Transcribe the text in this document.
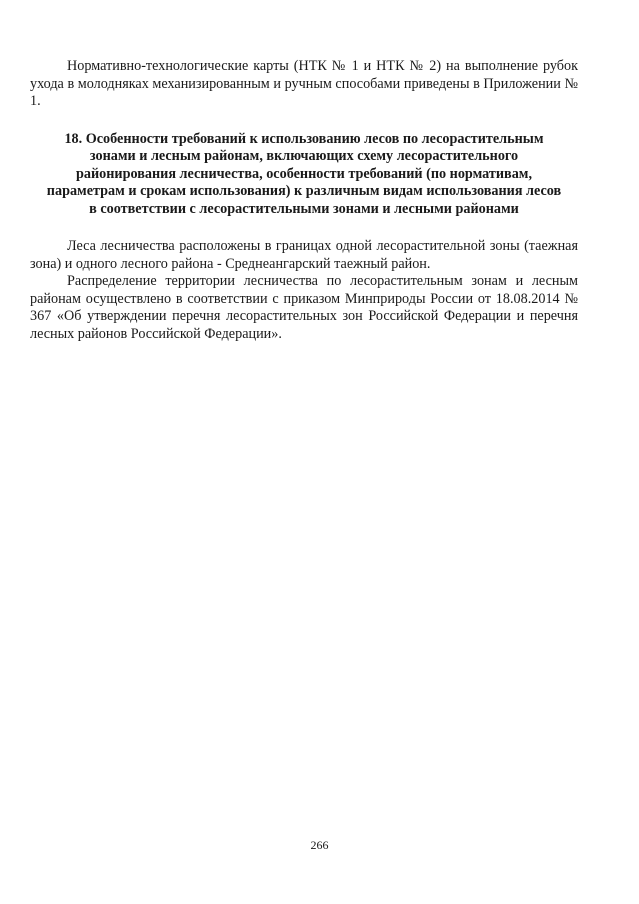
Нормативно-технологические карты (НТК № 1 и НТК № 2) на выполнение рубок ухода в молодняках механизированным и ручным способами приведены в Приложении № 1.

18. Особенности требований к использованию лесов по лесорастительным
зонами и лесным районам, включающих схему лесорастительного
районирования лесничества, особенности требований (по нормативам,
параметрам и срокам использования) к различным видам использования лесов
в соответствии с лесорастительными зонами и лесными районами

Леса лесничества расположены в границах одной лесорастительной зоны (таежная зона) и одного лесного района - Среднеангарский таежный район.

Распределение территории лесничества по лесорастительным зонам и лесным районам осуществлено в соответствии с приказом Минприроды России от 18.08.2014 № 367 «Об утверждении перечня лесорастительных зон Российской Федерации и перечня лесных районов Российской Федерации».

266
